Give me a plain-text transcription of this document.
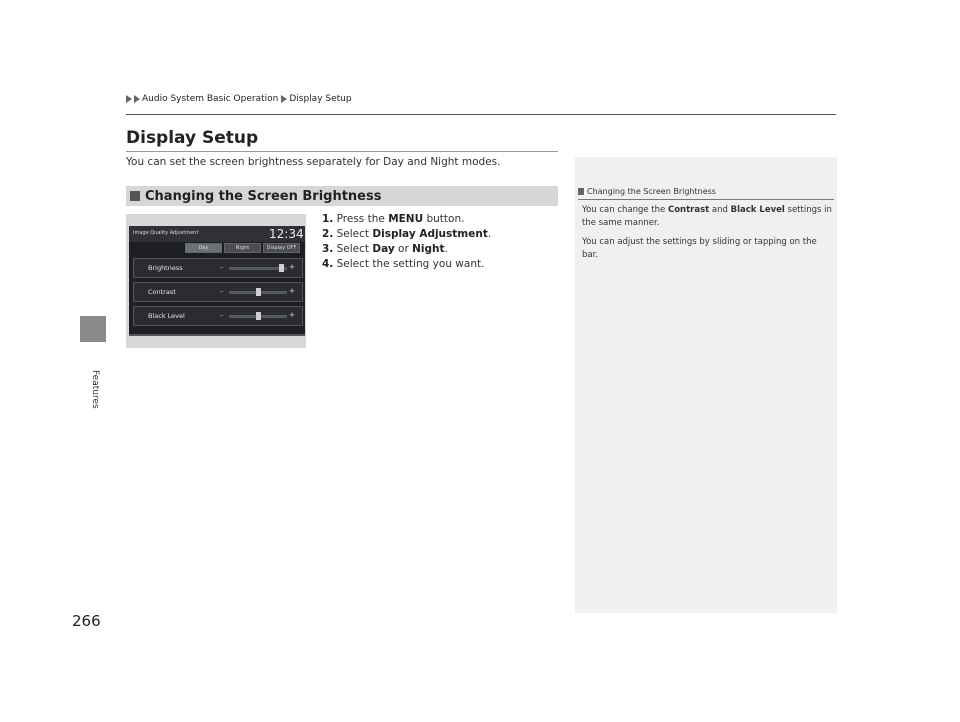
Audio System Basic Operation Display Setup
Features
Display Setup
You can set the screen brightness separately for Day and Night modes.
Changing the Screen Brightness
1. Press the MENU button.
2. Select Display Adjustment.
3. Select Day or Night.
4. Select the setting you want.
Image Quality Adjustment	12:34
Day	Night	Display OFF
Brightness	–	+
Contrast	–	+
Black Level	–	+
Changing the Screen Brightness

You can change the Contrast and Black Level settings in the same manner.

You can adjust the settings by sliding or tapping on the bar.

266
